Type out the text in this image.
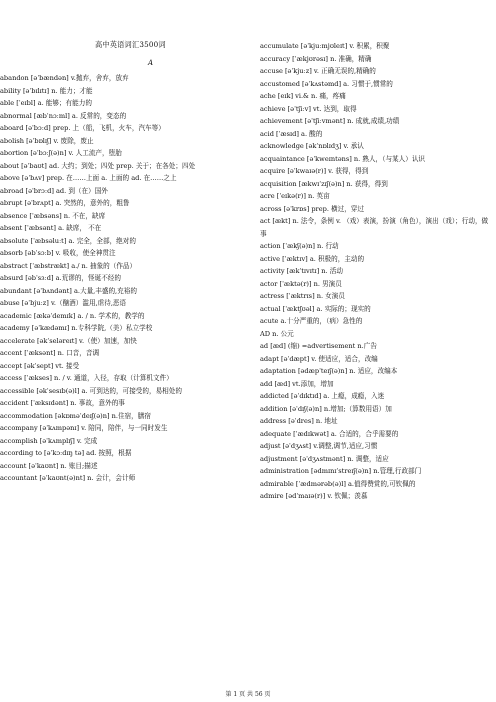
高中英语词汇3500词
A
abandon [əˈbændən] v.抛弃，舍弃，放弃
ability [əˈbɪlɪtɪ] n. 能力；才能
able [ˈeɪbl] a. 能够；有能力的
abnormal [æbˈnɔːml] a. 反常的，变态的
aboard [əˈbɔːd] prep. 上（船，飞机，火车，汽车等）
abolish [əˈbɒlɪʃ] v. 废除，废止
abortion [əˈbɔːʃ(ə)n] v. 人工流产，堕胎
about [əˈbaʊt] ad. 大约；到处；四处 prep. 关于；在各处；四处
above [əˈbʌv] prep. 在……上面 a. 上面的 ad. 在……之上
abroad [əˈbrɔːd] ad. 到（在）国外
abrupt [əˈbrʌpt] a. 突然的，意外的，粗鲁
absence [ˈæbsəns] n. 不在，缺席
absent [ˈæbsənt] a. 缺席， 不在
absolute [ˈæbsəluːt] a. 完全，全部，绝对的
absorb [əbˈsɔːb] v. 吸收，使全神贯注
abstract [ˈæbstrækt] a./ n. 抽象的（作品）
absurd [əbˈsɜːd] a.荒谬的，怪诞不经的
abundant [əˈbʌndənt] a.大量,丰盛的,充裕的
abuse [əˈbjuːz] v.（酗酒）滥用,虐待,恶语
academic [ækəˈdemɪk] a. / n. 学术的，教学的
academy [əˈkædəmɪ] n.专科学院,（美）私立学校
accelerate [əkˈseləreɪt] v.（使）加速，加快
accent [ˈæksənt] n. 口音，音调
accept [əkˈsept] vt. 接受
access [ˈækses] n. / v. 通道，入径，存取（计算机文件）
accessible [əkˈsesɪb(ə)l] a. 可到达的，可接受的，易相处的
accident [ˈæksɪdənt] n. 事故，意外的事
accommodation [əkɒməˈdeɪʃ(ə)n] n.住宿，膳宿
accompany [əˈkʌmpənɪ] v. 陪同，陪伴，与一同时发生
accomplish [əˈkʌmplɪʃ] v. 完成
according to [əˈkɔːdɪŋ tə] ad. 按照，根据
account [əˈkaʊnt] n. 账目;描述
accountant [əˈkaʊnt(ə)nt] n. 会计，会计师
accumulate [əˈkjuːmjʊleɪt] v. 积累，积聚
accuracy [ˈækjʊrəsɪ] n. 准确，精确
accuse [əˈkjuːz] v. 正确无误的,精确的
accustomed [əˈkʌstəmd] a. 习惯于,惯常的
ache [eɪk] vi.& n. 痛，疼痛
achieve [əˈtʃiːv] vt. 达到，取得
achievement [əˈtʃiːvmənt] n. 成就,成绩,功绩
acid [ˈæsɪd] a. 酸的
acknowledge [əkˈnɒlɪdʒ] v. 承认
acquaintance [əˈkweɪntəns] n. 熟人，（与某人）认识
acquire [əˈkwaɪə(r)] v. 获得，得到
acquisition [ækwɪˈzɪʃ(ə)n] n. 获得，得到
acre [ˈeɪkə(r)] n. 英亩
across [əˈkrɒs] prep. 横过，穿过
act [ækt] n. 法令，条例 v. （戏）表演，扮演（角色），演出（戏）；行动，做事
action [ˈækʃ(ə)n] n. 行动
active [ˈæktɪv] a. 积极的，主动的
activity [ækˈtɪvɪtɪ] n. 活动
actor [ˈæktə(r)] n. 男演员
actress [ˈæktrɪs] n. 女演员
actual [ˈæktʃʊəl] a. 实际的；现实的
acute a.十分严重的，（病）急性的
AD n. 公元
ad [æd] (缩) =advertisement n.广告
adapt [əˈdæpt] v. 使适应，适合，改编
adaptation [ədæpˈteɪʃ(ə)n] n. 适应，改编本
add [æd] vt.添加，增加
addicted [əˈdɪktɪd] a. 上瘾，成瘾，入迷
addition [əˈdɪʃ(ə)n] n.增加;（算数用语）加
address [əˈdres] n. 地址
adequate [ˈædɪkwət] a. 合适的，合乎需要的
adjust [əˈdʒʌst] v.调整,调节,适应,习惯
adjustment [əˈdʒʌstmənt] n. 调整，适应
administration [ədmɪnɪˈstreɪʃ(ə)n] n.管理,行政部门
admirable [ˈædmərəb(ə)l] a.值得赞赏的,可钦佩的
admire [ədˈmaɪə(r)] v. 钦佩；羡慕
第 1 页 共 56 页
